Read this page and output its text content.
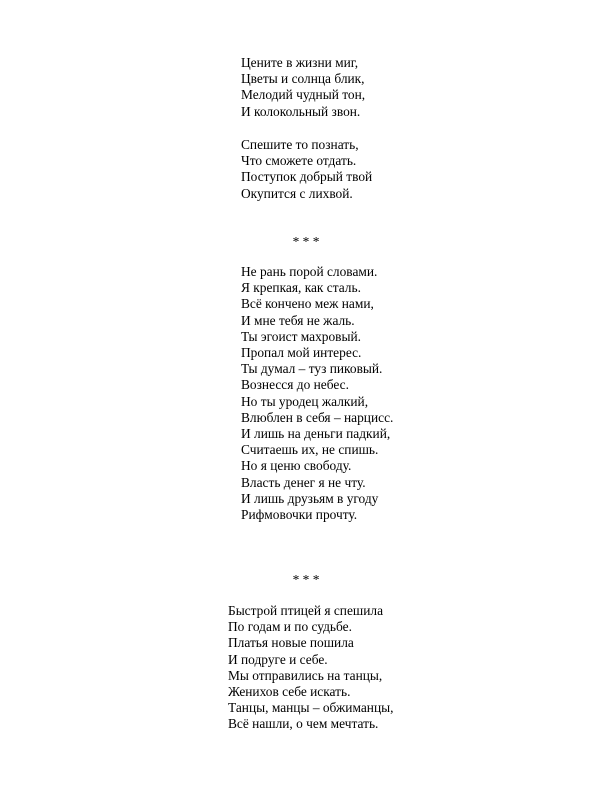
Цените в жизни миг,
Цветы и солнца блик,
Мелодий чудный тон,
И колокольный звон.
Спешите то познать,
Что сможете отдать.
Поступок добрый твой
Окупится с лихвой.
* * *
Не рань порой словами.
Я крепкая, как сталь.
Всё кончено меж нами,
И мне тебя не жаль.
Ты эгоист махровый.
Пропал мой интерес.
Ты думал – туз пиковый.
Вознесся до небес.
Но ты уродец жалкий,
Влюблен в себя – нарцисс.
И лишь на деньги падкий,
Считаешь их, не спишь.
Но я ценю свободу.
Власть денег я не чту.
И лишь друзьям в угоду
Рифмовочки прочту.
* * *
Быстрой птицей я спешила
По годам и по судьбе.
Платья новые пошила
И подруге и себе.
Мы отправились на танцы,
Женихов себе искать.
Танцы, манцы – обжиманцы,
Всё нашли, о чем мечтать.
